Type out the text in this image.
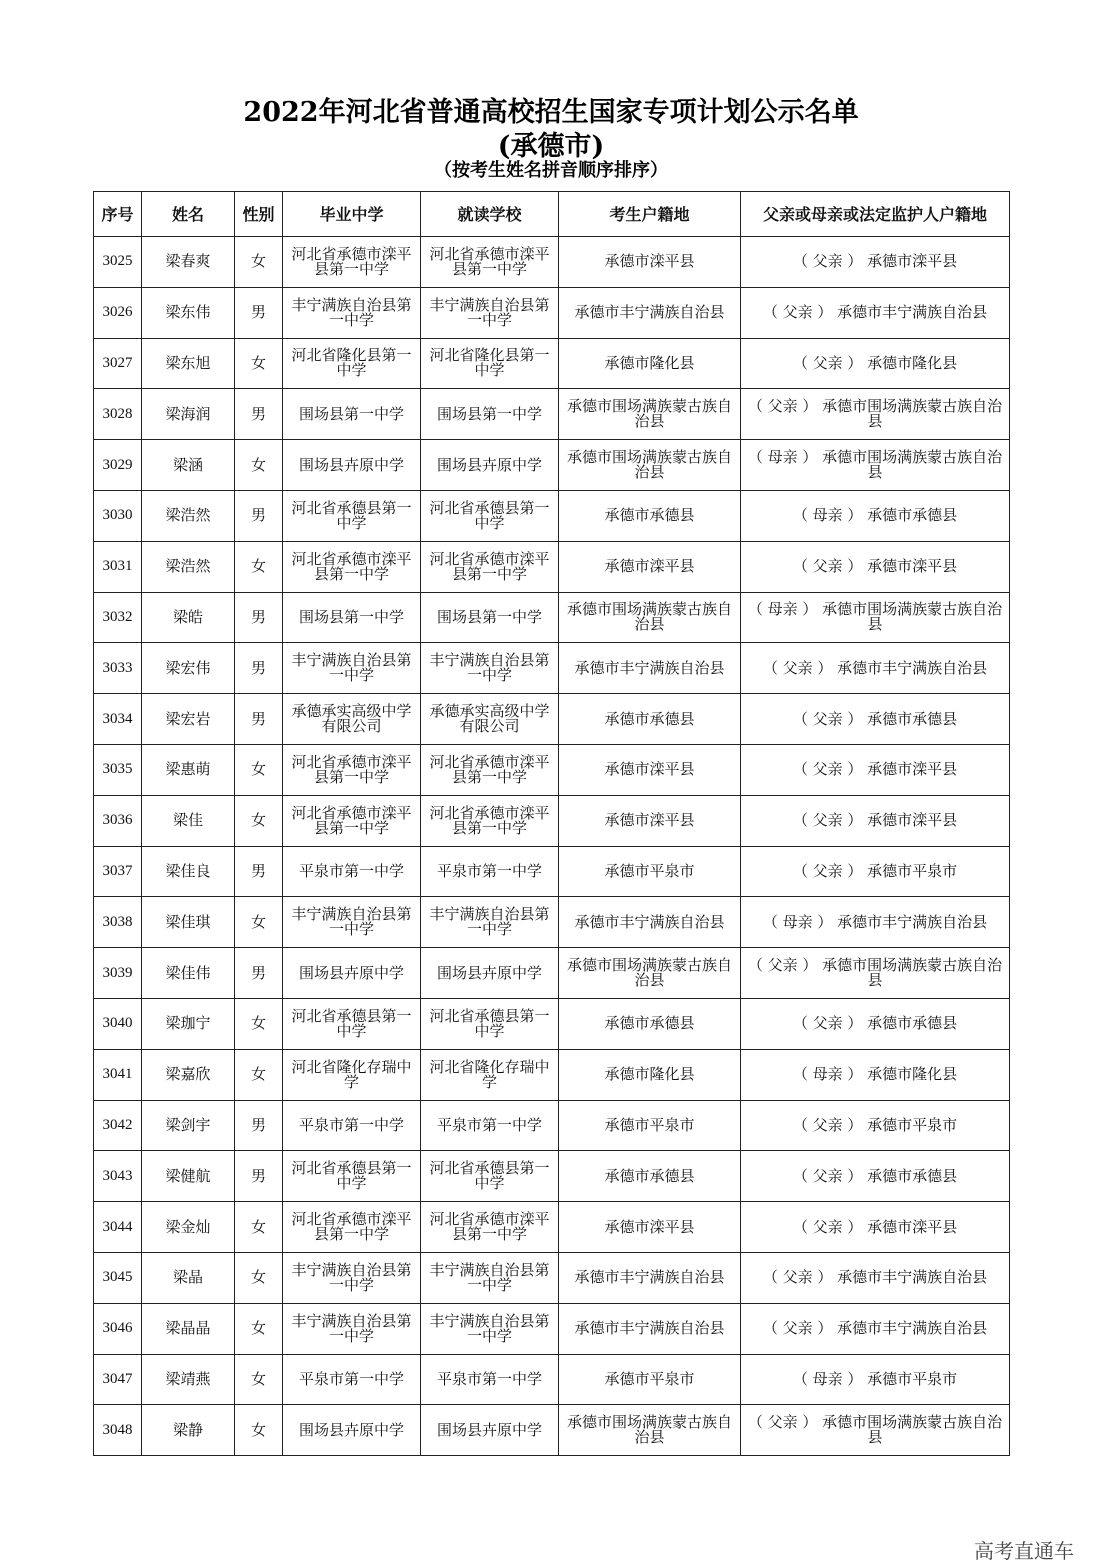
2022年河北省普通高校招生国家专项计划公示名单
(承德市)
（按考生姓名拼音顺序排序）
序号	姓名	性别	毕业中学	就读学校	考生户籍地	父亲或母亲或法定监护人户籍地
3025	梁春爽	女	河北省承德市滦平县第一中学	河北省承德市滦平县第一中学	承德市滦平县	（ 父亲 ） 承德市滦平县
3026	梁东伟	男	丰宁满族自治县第一中学	丰宁满族自治县第一中学	承德市丰宁满族自治县	（ 父亲 ） 承德市丰宁满族自治县
3027	梁东旭	女	河北省隆化县第一中学	河北省隆化县第一中学	承德市隆化县	（ 父亲 ） 承德市隆化县
3028	梁海润	男	围场县第一中学	围场县第一中学	承德市围场满族蒙古族自治县	（ 父亲 ） 承德市围场满族蒙古族自治县
3029	梁涵	女	围场县卉原中学	围场县卉原中学	承德市围场满族蒙古族自治县	（ 母亲 ） 承德市围场满族蒙古族自治县
3030	梁浩然	男	河北省承德县第一中学	河北省承德县第一中学	承德市承德县	（ 母亲 ） 承德市承德县
3031	梁浩然	女	河北省承德市滦平县第一中学	河北省承德市滦平县第一中学	承德市滦平县	（ 父亲 ） 承德市滦平县
3032	梁皓	男	围场县第一中学	围场县第一中学	承德市围场满族蒙古族自治县	（ 母亲 ） 承德市围场满族蒙古族自治县
3033	梁宏伟	男	丰宁满族自治县第一中学	丰宁满族自治县第一中学	承德市丰宁满族自治县	（ 父亲 ） 承德市丰宁满族自治县
3034	梁宏岩	男	承德承实高级中学有限公司	承德承实高级中学有限公司	承德市承德县	（ 父亲 ） 承德市承德县
3035	梁惠萌	女	河北省承德市滦平县第一中学	河北省承德市滦平县第一中学	承德市滦平县	（ 父亲 ） 承德市滦平县
3036	梁佳	女	河北省承德市滦平县第一中学	河北省承德市滦平县第一中学	承德市滦平县	（ 父亲 ） 承德市滦平县
3037	梁佳良	男	平泉市第一中学	平泉市第一中学	承德市平泉市	（ 父亲 ） 承德市平泉市
3038	梁佳琪	女	丰宁满族自治县第一中学	丰宁满族自治县第一中学	承德市丰宁满族自治县	（ 母亲 ） 承德市丰宁满族自治县
3039	梁佳伟	男	围场县卉原中学	围场县卉原中学	承德市围场满族蒙古族自治县	（ 父亲 ） 承德市围场满族蒙古族自治县
3040	梁珈宁	女	河北省承德县第一中学	河北省承德县第一中学	承德市承德县	（ 父亲 ） 承德市承德县
3041	梁嘉欣	女	河北省隆化存瑞中学	河北省隆化存瑞中学	承德市隆化县	（ 母亲 ） 承德市隆化县
3042	梁剑宇	男	平泉市第一中学	平泉市第一中学	承德市平泉市	（ 父亲 ） 承德市平泉市
3043	梁健航	男	河北省承德县第一中学	河北省承德县第一中学	承德市承德县	（ 父亲 ） 承德市承德县
3044	梁金灿	女	河北省承德市滦平县第一中学	河北省承德市滦平县第一中学	承德市滦平县	（ 父亲 ） 承德市滦平县
3045	梁晶	女	丰宁满族自治县第一中学	丰宁满族自治县第一中学	承德市丰宁满族自治县	（ 父亲 ） 承德市丰宁满族自治县
3046	梁晶晶	女	丰宁满族自治县第一中学	丰宁满族自治县第一中学	承德市丰宁满族自治县	（ 父亲 ） 承德市丰宁满族自治县
3047	梁靖燕	女	平泉市第一中学	平泉市第一中学	承德市平泉市	（ 母亲 ） 承德市平泉市
3048	梁静	女	围场县卉原中学	围场县卉原中学	承德市围场满族蒙古族自治县	（ 父亲 ） 承德市围场满族蒙古族自治县
高考直通车
